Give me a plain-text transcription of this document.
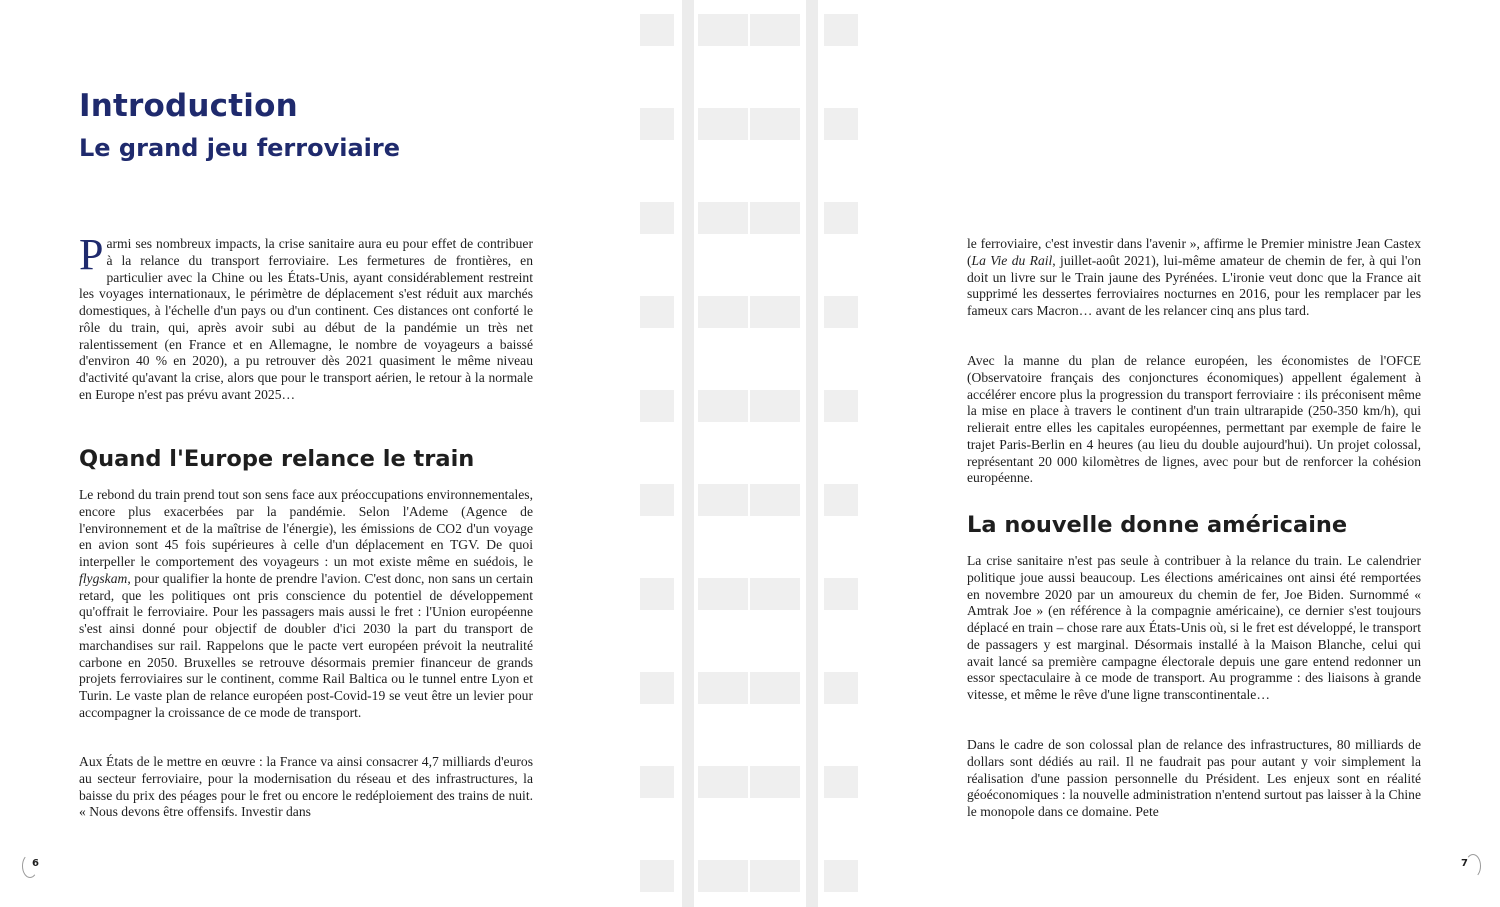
Introduction
Le grand jeu ferroviaire

Parmi ses nombreux impacts, la crise sanitaire aura eu pour effet de contribuer à la relance du transport ferroviaire. Les fermetures de frontières, en particulier avec la Chine ou les États-Unis, ayant considérablement restreint les voyages internationaux, le périmètre de déplacement s'est réduit aux marchés domestiques, à l'échelle d'un pays ou d'un continent. Ces distances ont conforté le rôle du train, qui, après avoir subi au début de la pandémie un très net ralentissement (en France et en Allemagne, le nombre de voyageurs a baissé d'environ 40 % en 2020), a pu retrouver dès 2021 quasiment le même niveau d'activité qu'avant la crise, alors que pour le transport aérien, le retour à la normale en Europe n'est pas prévu avant 2025…

Quand l'Europe relance le train

Le rebond du train prend tout son sens face aux préoccupations environnementales, encore plus exacerbées par la pandémie. Selon l'Ademe (Agence de l'environnement et de la maîtrise de l'énergie), les émissions de CO2 d'un voyage en avion sont 45 fois supérieures à celle d'un déplacement en TGV. De quoi interpeller le comportement des voyageurs : un mot existe même en suédois, le flygskam, pour qualifier la honte de prendre l'avion. C'est donc, non sans un certain retard, que les politiques ont pris conscience du potentiel de développement qu'offrait le ferroviaire. Pour les passagers mais aussi le fret : l'Union européenne s'est ainsi donné pour objectif de doubler d'ici 2030 la part du transport de marchandises sur rail. Rappelons que le pacte vert européen prévoit la neutralité carbone en 2050. Bruxelles se retrouve désormais premier financeur de grands projets ferroviaires sur le continent, comme Rail Baltica ou le tunnel entre Lyon et Turin. Le vaste plan de relance européen post-Covid-19 se veut être un levier pour accompagner la croissance de ce mode de transport.

Aux États de le mettre en œuvre : la France va ainsi consacrer 4,7 milliards d'euros au secteur ferroviaire, pour la modernisation du réseau et des infrastructures, la baisse du prix des péages pour le fret ou encore le redéploiement des trains de nuit. « Nous devons être offensifs. Investir dans

6

le ferroviaire, c'est investir dans l'avenir », affirme le Premier ministre Jean Castex (La Vie du Rail, juillet-août 2021), lui-même amateur de chemin de fer, à qui l'on doit un livre sur le Train jaune des Pyrénées. L'ironie veut donc que la France ait supprimé les dessertes ferroviaires nocturnes en 2016, pour les remplacer par les fameux cars Macron… avant de les relancer cinq ans plus tard.

Avec la manne du plan de relance européen, les économistes de l'OFCE (Observatoire français des conjonctures économiques) appellent également à accélérer encore plus la progression du transport ferroviaire : ils préconisent même la mise en place à travers le continent d'un train ultrarapide (250-350 km/h), qui relierait entre elles les capitales européennes, permettant par exemple de faire le trajet Paris-Berlin en 4 heures (au lieu du double aujourd'hui). Un projet colossal, représentant 20 000 kilomètres de lignes, avec pour but de renforcer la cohésion européenne.

La nouvelle donne américaine

La crise sanitaire n'est pas seule à contribuer à la relance du train. Le calendrier politique joue aussi beaucoup. Les élections américaines ont ainsi été remportées en novembre 2020 par un amoureux du chemin de fer, Joe Biden. Surnommé « Amtrak Joe » (en référence à la compagnie américaine), ce dernier s'est toujours déplacé en train – chose rare aux États-Unis où, si le fret est développé, le transport de passagers y est marginal. Désormais installé à la Maison Blanche, celui qui avait lancé sa première campagne électorale depuis une gare entend redonner un essor spectaculaire à ce mode de transport. Au programme : des liaisons à grande vitesse, et même le rêve d'une ligne transcontinentale…

Dans le cadre de son colossal plan de relance des infrastructures, 80 milliards de dollars sont dédiés au rail. Il ne faudrait pas pour autant y voir simplement la réalisation d'une passion personnelle du Président. Les enjeux sont en réalité géoéconomiques : la nouvelle administration n'entend surtout pas laisser à la Chine le monopole dans ce domaine. Pete

7
